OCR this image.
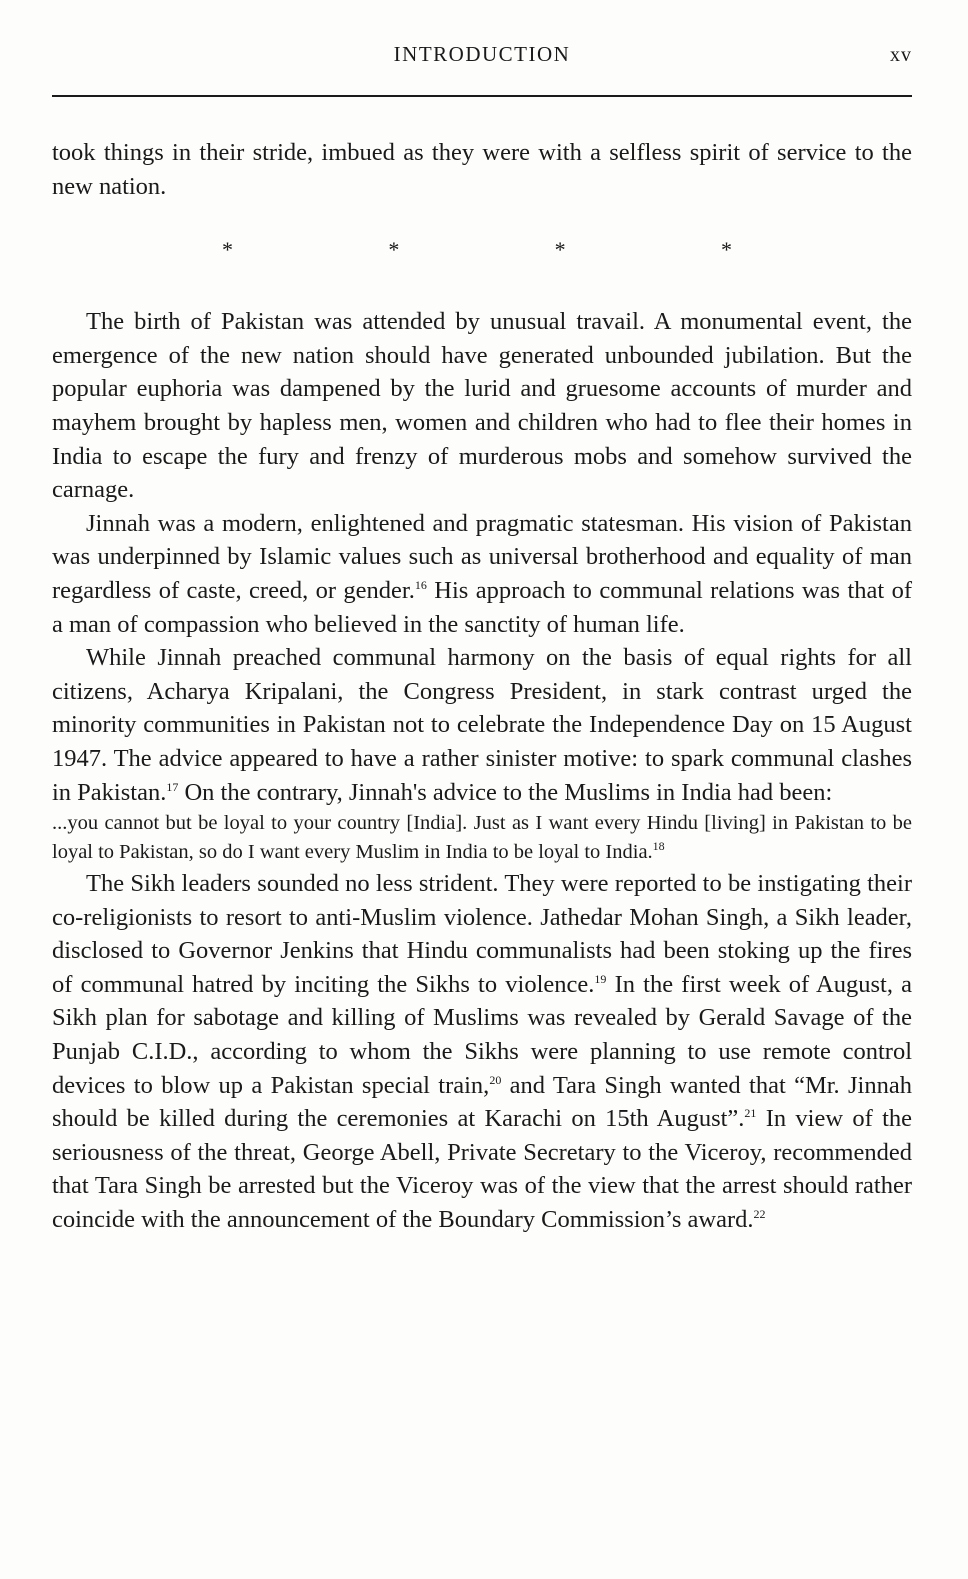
INTRODUCTION	xv

took things in their stride, imbued as they were with a selfless spirit of service to the new nation.

*	*	*	*

The birth of Pakistan was attended by unusual travail. A monumental event, the emergence of the new nation should have generated unbounded jubilation. But the popular euphoria was dampened by the lurid and gruesome accounts of murder and mayhem brought by hapless men, women and children who had to flee their homes in India to escape the fury and frenzy of murderous mobs and somehow survived the carnage.

Jinnah was a modern, enlightened and pragmatic statesman. His vision of Pakistan was underpinned by Islamic values such as universal brotherhood and equality of man regardless of caste, creed, or gender.$^{16}$ His approach to communal relations was that of a man of compassion who believed in the sanctity of human life.

While Jinnah preached communal harmony on the basis of equal rights for all citizens, Acharya Kripalani, the Congress President, in stark contrast urged the minority communities in Pakistan not to celebrate the Independence Day on 15 August 1947. The advice appeared to have a rather sinister motive: to spark communal clashes in Pakistan.$^{17}$ On the contrary, Jinnah's advice to the Muslims in India had been:

...you cannot but be loyal to your country [India]. Just as I want every Hindu [living] in Pakistan to be loyal to Pakistan, so do I want every Muslim in India to be loyal to India.$^{18}$

The Sikh leaders sounded no less strident. They were reported to be instigating their co-religionists to resort to anti-Muslim violence. Jathedar Mohan Singh, a Sikh leader, disclosed to Governor Jenkins that Hindu communalists had been stoking up the fires of communal hatred by inciting the Sikhs to violence.$^{19}$ In the first week of August, a Sikh plan for sabotage and killing of Muslims was revealed by Gerald Savage of the Punjab C.I.D., according to whom the Sikhs were planning to use remote control devices to blow up a Pakistan special train,$^{20}$ and Tara Singh wanted that “Mr. Jinnah should be killed during the ceremonies at Karachi on 15th August”.$^{21}$ In view of the seriousness of the threat, George Abell, Private Secretary to the Viceroy, recommended that Tara Singh be arrested but the Viceroy was of the view that the arrest should rather coincide with the announcement of the Boundary Commission’s award.$^{22}$
